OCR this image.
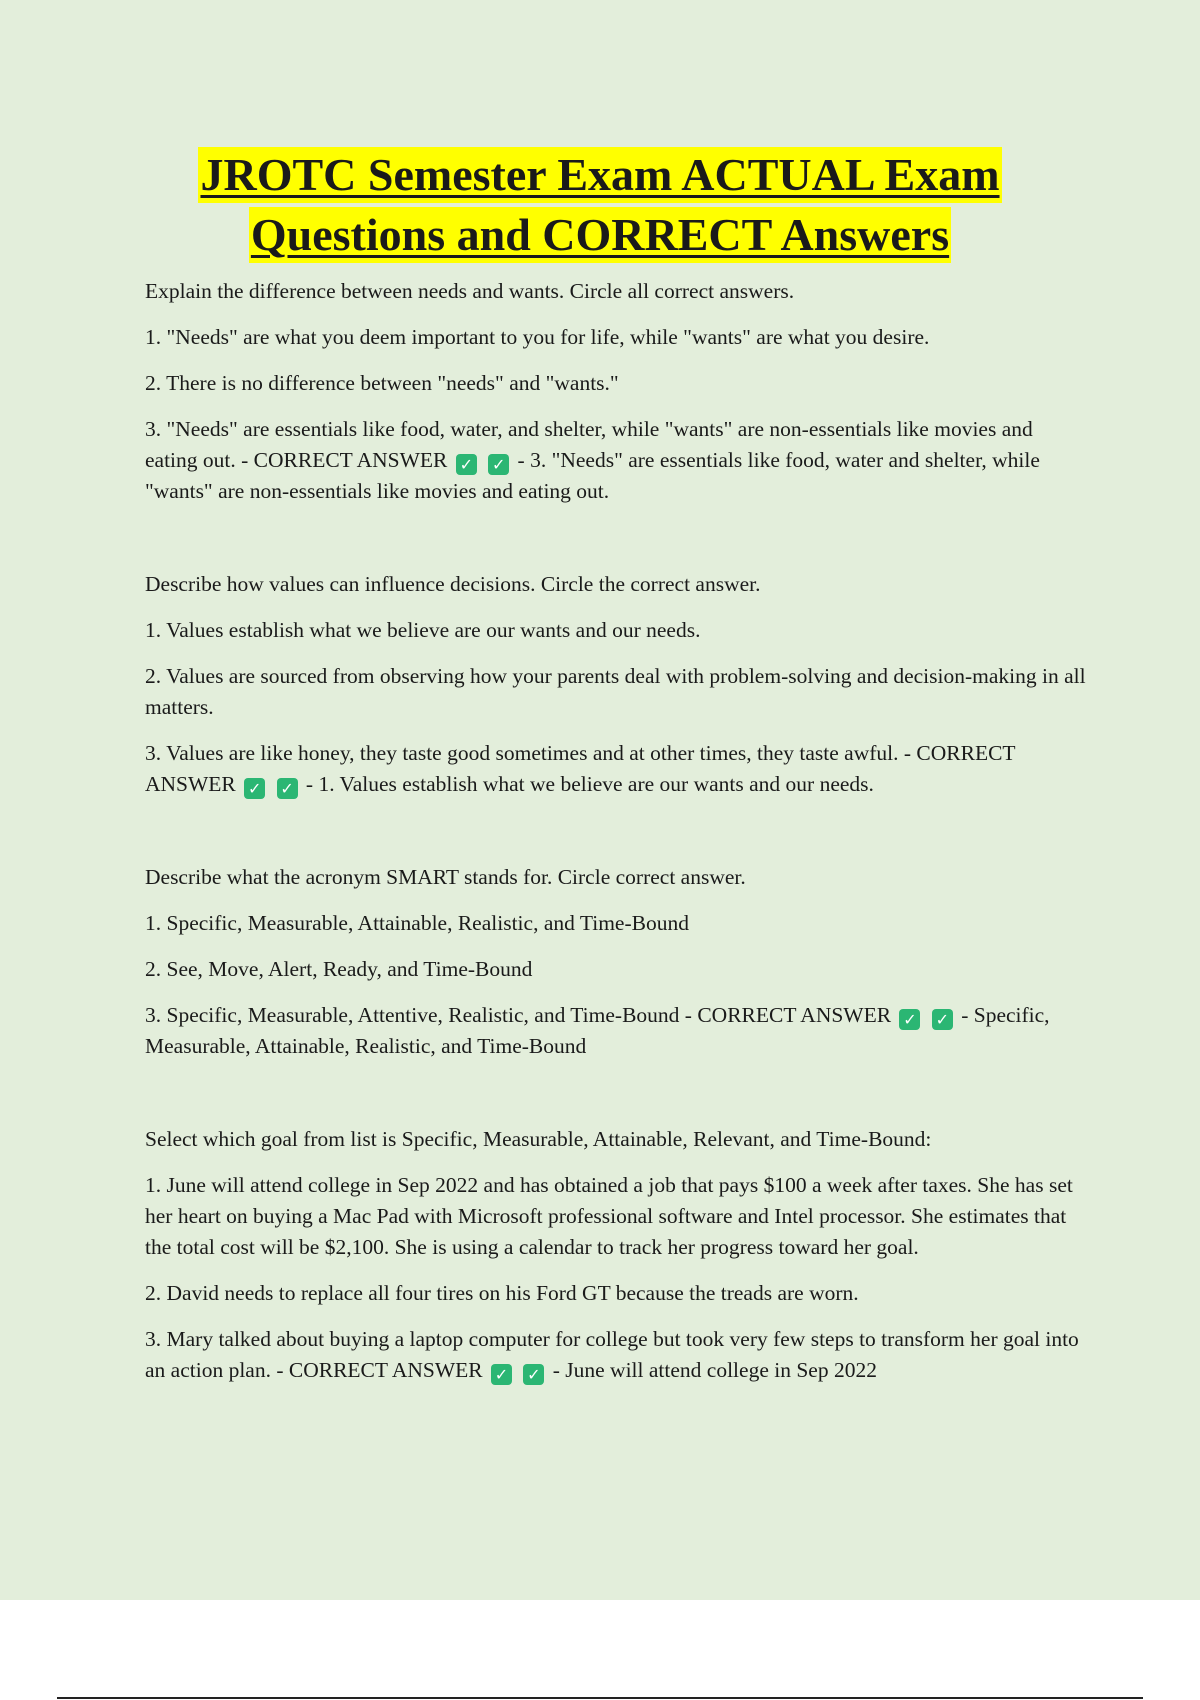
JROTC Semester Exam ACTUAL Exam
Questions and CORRECT Answers

Explain the difference between needs and wants. Circle all correct answers.

1. "Needs" are what you deem important to you for life, while "wants" are what you desire.

2. There is no difference between "needs" and "wants."

3. "Needs" are essentials like food, water, and shelter, while "wants" are non-essentials like movies and eating out. - CORRECT ANSWER ✓ ✓ - 3. "Needs" are essentials like food, water and shelter, while "wants" are non-essentials like movies and eating out.

Describe how values can influence decisions. Circle the correct answer.

1. Values establish what we believe are our wants and our needs.

2. Values are sourced from observing how your parents deal with problem-solving and decision-making in all matters.

3. Values are like honey, they taste good sometimes and at other times, they taste awful. - CORRECT ANSWER ✓ ✓ - 1. Values establish what we believe are our wants and our needs.

Describe what the acronym SMART stands for. Circle correct answer.

1. Specific, Measurable, Attainable, Realistic, and Time-Bound

2. See, Move, Alert, Ready, and Time-Bound

3. Specific, Measurable, Attentive, Realistic, and Time-Bound - CORRECT ANSWER ✓ ✓ - Specific, Measurable, Attainable, Realistic, and Time-Bound

Select which goal from list is Specific, Measurable, Attainable, Relevant, and Time-Bound:

1. June will attend college in Sep 2022 and has obtained a job that pays $100 a week after taxes. She has set her heart on buying a Mac Pad with Microsoft professional software and Intel processor. She estimates that the total cost will be $2,100. She is using a calendar to track her progress toward her goal.

2. David needs to replace all four tires on his Ford GT because the treads are worn.

3. Mary talked about buying a laptop computer for college but took very few steps to transform her goal into an action plan. - CORRECT ANSWER ✓ ✓ - June will attend college in Sep 2022
